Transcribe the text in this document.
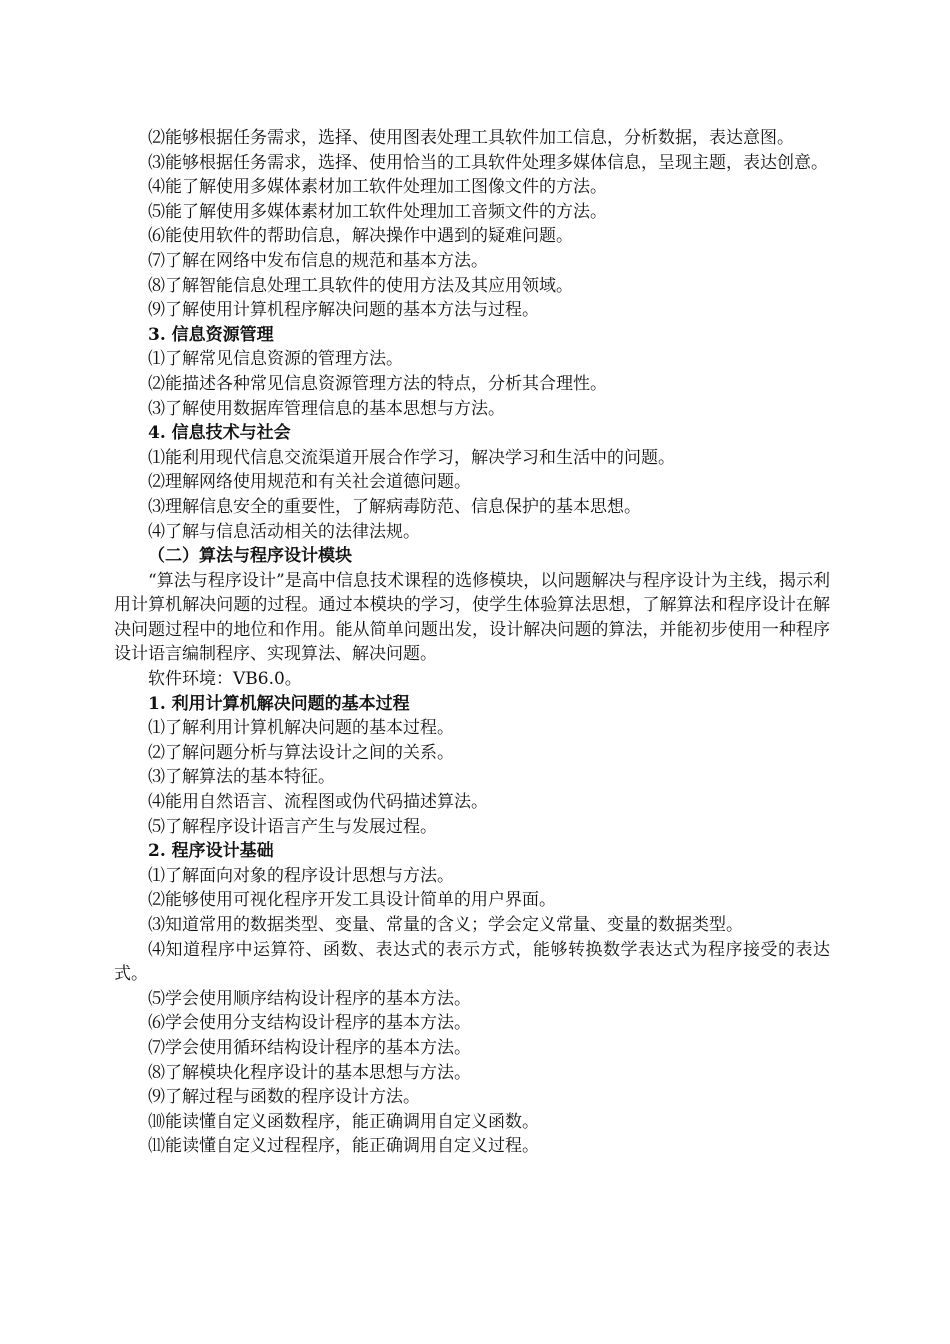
⑵能够根据任务需求，选择、使用图表处理工具软件加工信息，分析数据，表达意图。

⑶能够根据任务需求，选择、使用恰当的工具软件处理多媒体信息，呈现主题，表达创意。

⑷能了解使用多媒体素材加工软件处理加工图像文件的方法。

⑸能了解使用多媒体素材加工软件处理加工音频文件的方法。

⑹能使用软件的帮助信息，解决操作中遇到的疑难问题。

⑺了解在网络中发布信息的规范和基本方法。

⑻了解智能信息处理工具软件的使用方法及其应用领域。

⑼了解使用计算机程序解决问题的基本方法与过程。

3. 信息资源管理

⑴了解常见信息资源的管理方法。

⑵能描述各种常见信息资源管理方法的特点，分析其合理性。

⑶了解使用数据库管理信息的基本思想与方法。

4. 信息技术与社会

⑴能利用现代信息交流渠道开展合作学习，解决学习和生活中的问题。

⑵理解网络使用规范和有关社会道德问题。

⑶理解信息安全的重要性，了解病毒防范、信息保护的基本思想。

⑷了解与信息活动相关的法律法规。

（二）算法与程序设计模块

“算法与程序设计”是高中信息技术课程的选修模块，以问题解决与程序设计为主线，揭示利用计算机解决问题的过程。通过本模块的学习，使学生体验算法思想，了解算法和程序设计在解决问题过程中的地位和作用。能从简单问题出发，设计解决问题的算法，并能初步使用一种程序设计语言编制程序、实现算法、解决问题。

软件环境：VB6.0。

1. 利用计算机解决问题的基本过程

⑴了解利用计算机解决问题的基本过程。

⑵了解问题分析与算法设计之间的关系。

⑶了解算法的基本特征。

⑷能用自然语言、流程图或伪代码描述算法。

⑸了解程序设计语言产生与发展过程。

2. 程序设计基础

⑴了解面向对象的程序设计思想与方法。

⑵能够使用可视化程序开发工具设计简单的用户界面。

⑶知道常用的数据类型、变量、常量的含义；学会定义常量、变量的数据类型。

⑷知道程序中运算符、函数、表达式的表示方式，能够转换数学表达式为程序接受的表达式。

⑸学会使用顺序结构设计程序的基本方法。

⑹学会使用分支结构设计程序的基本方法。

⑺学会使用循环结构设计程序的基本方法。

⑻了解模块化程序设计的基本思想与方法。

⑼了解过程与函数的程序设计方法。

⑽能读懂自定义函数程序，能正确调用自定义函数。

⑾能读懂自定义过程程序，能正确调用自定义过程。
